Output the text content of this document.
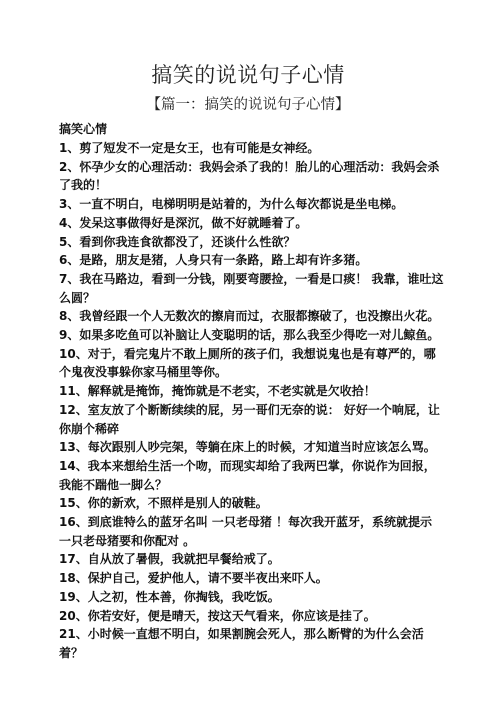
搞笑的说说句子心情
【篇一：搞笑的说说句子心情】

搞笑心情

1、剪了短发不一定是女王，也有可能是女神经。

2、怀孕少女的心理活动：我妈会杀了我的！胎儿的心理活动：我妈会杀了我的！

3、一直不明白，电梯明明是站着的，为什么每次都说是坐电梯。

4、发呆这事做得好是深沉，做不好就睡着了。

5、看到你我连食欲都没了，还谈什么性欲？

6、是路，朋友是猪，人身只有一条路，路上却有许多猪。

7、我在马路边，看到一分钱，刚要弯腰捡，一看是口痰！ 我靠，谁吐这么圆？

8、我曾经跟一个人无数次的擦肩而过，衣服都擦破了，也没擦出火花。

9、如果多吃鱼可以补脑让人变聪明的话，那么我至少得吃一对儿鲸鱼。

10、对于，看完鬼片不敢上厕所的孩子们，我想说鬼也是有尊严的，哪个鬼夜没事躲你家马桶里等你。

11、解释就是掩饰，掩饰就是不老实，不老实就是欠收拾！

12、室友放了个断断续续的屁，另一哥们无奈的说： 好好一个响屁，让你崩个稀碎

13、每次跟别人吵完架，等躺在床上的时候，才知道当时应该怎么骂。

14、我本来想给生活一个吻，而现实却给了我两巴掌，你说作为回报，我能不踹他一脚么？

15、你的新欢，不照样是别人的破鞋。

16、到底谁特么的蓝牙名叫 一只老母猪 ！每次我开蓝牙，系统就提示 一只老母猪要和你配对 。

17、自从放了暑假，我就把早餐给戒了。

18、保护自己，爱护他人，请不要半夜出来吓人。

19、人之初，性本善，你掏钱，我吃饭。

20、你若安好，便是晴天，按这天气看来，你应该是挂了。

21、小时候一直想不明白，如果割腕会死人，那么断臂的为什么会活着？
